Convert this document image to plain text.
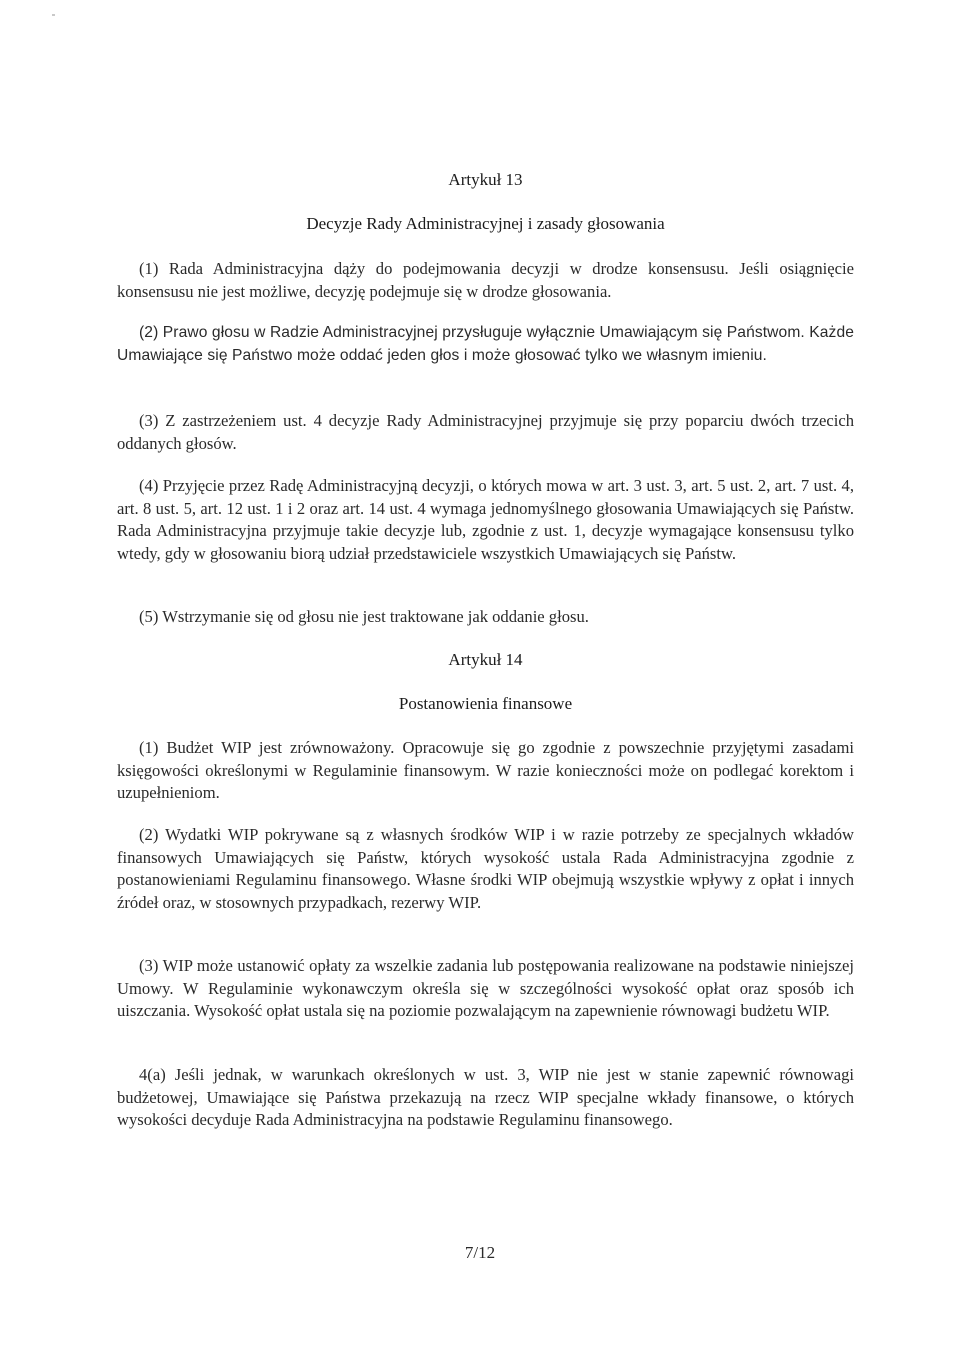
Artykuł 13
Decyzje Rady Administracyjnej i zasady głosowania
(1) Rada Administracyjna dąży do podejmowania decyzji w drodze konsensusu. Jeśli osiągnięcie konsensusu nie jest możliwe, decyzję podejmuje się w drodze głosowania.
(2) Prawo głosu w Radzie Administracyjnej przysługuje wyłącznie Umawiającym się Państwom. Każde Umawiające się Państwo może oddać jeden głos i może głosować tylko we własnym imieniu.
(3) Z zastrzeżeniem ust. 4 decyzje Rady Administracyjnej przyjmuje się przy poparciu dwóch trzecich oddanych głosów.
(4) Przyjęcie przez Radę Administracyjną decyzji, o których mowa w art. 3 ust. 3, art. 5 ust. 2, art. 7 ust. 4, art. 8 ust. 5, art. 12 ust. 1 i 2 oraz art. 14 ust. 4 wymaga jednomyślnego głosowania Umawiających się Państw. Rada Administracyjna przyjmuje takie decyzje lub, zgodnie z ust. 1, decyzje wymagające konsensusu tylko wtedy, gdy w głosowaniu biorą udział przedstawiciele wszystkich Umawiających się Państw.
(5) Wstrzymanie się od głosu nie jest traktowane jak oddanie głosu.
Artykuł 14
Postanowienia finansowe
(1) Budżet WIP jest zrównoważony. Opracowuje się go zgodnie z powszechnie przyjętymi zasadami księgowości określonymi w Regulaminie finansowym. W razie konieczności może on podlegać korektom i uzupełnieniom.
(2) Wydatki WIP pokrywane są z własnych środków WIP i w razie potrzeby ze specjalnych wkładów finansowych Umawiających się Państw, których wysokość ustala Rada Administracyjna zgodnie z postanowieniami Regulaminu finansowego. Własne środki WIP obejmują wszystkie wpływy z opłat i innych źródeł oraz, w stosownych przypadkach, rezerwy WIP.
(3) WIP może ustanowić opłaty za wszelkie zadania lub postępowania realizowane na podstawie niniejszej Umowy. W Regulaminie wykonawczym określa się w szczególności wysokość opłat oraz sposób ich uiszczania. Wysokość opłat ustala się na poziomie pozwalającym na zapewnienie równowagi budżetu WIP.
4(a) Jeśli jednak, w warunkach określonych w ust. 3, WIP nie jest w stanie zapewnić równowagi budżetowej, Umawiające się Państwa przekazują na rzecz WIP specjalne wkłady finansowe, o których wysokości decyduje Rada Administracyjna na podstawie Regulaminu finansowego.
7/12
